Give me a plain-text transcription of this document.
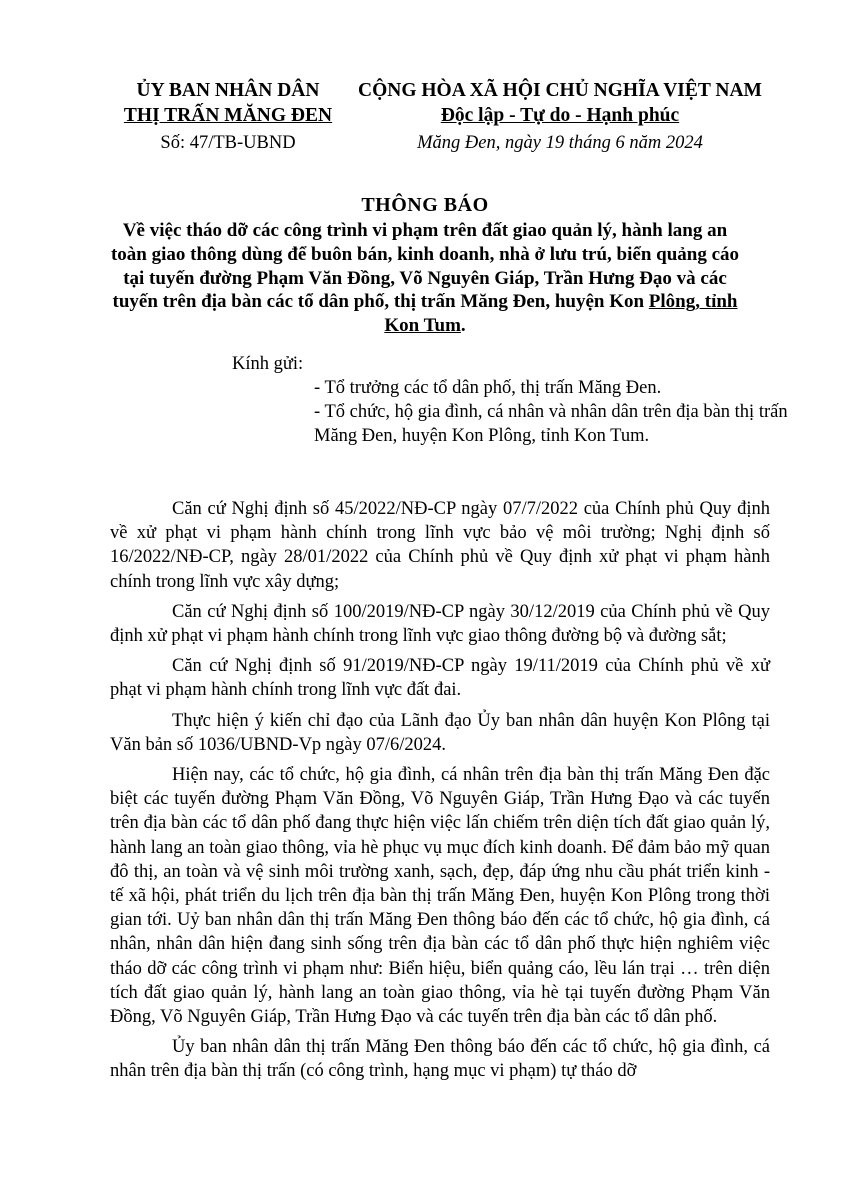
ỦY BAN NHÂN DÂN
THỊ TRẤN MĂNG ĐEN
Số: 47/TB-UBND
CỘNG HÒA XÃ HỘI CHỦ NGHĨA VIỆT NAM
Độc lập - Tự do - Hạnh phúc
Măng Đen, ngày 19 tháng 6 năm 2024
THÔNG BÁO
Về việc tháo dỡ các công trình vi phạm trên đất giao quản lý, hành lang an toàn giao thông dùng để buôn bán, kinh doanh, nhà ở lưu trú, biển quảng cáo tại tuyến đường Phạm Văn Đồng, Võ Nguyên Giáp, Trần Hưng Đạo và các tuyến trên địa bàn các tổ dân phố, thị trấn Măng Đen, huyện Kon Plông, tỉnh Kon Tum.
Kính gửi:
- Tổ trưởng các tổ dân phố, thị trấn Măng Đen.
- Tổ chức, hộ gia đình, cá nhân và nhân dân trên địa bàn thị trấn Măng Đen, huyện Kon Plông, tỉnh Kon Tum.

Căn cứ Nghị định số 45/2022/NĐ-CP ngày 07/7/2022 của Chính phủ Quy định về xử phạt vi phạm hành chính trong lĩnh vực bảo vệ môi trường; Nghị định số 16/2022/NĐ-CP, ngày 28/01/2022 của Chính phủ về Quy định xử phạt vi phạm hành chính trong lĩnh vực xây dựng;

Căn cứ Nghị định số 100/2019/NĐ-CP ngày 30/12/2019 của Chính phủ về Quy định xử phạt vi phạm hành chính trong lĩnh vực giao thông đường bộ và đường sắt;

Căn cứ Nghị định số 91/2019/NĐ-CP ngày 19/11/2019 của Chính phủ về xử phạt vi phạm hành chính trong lĩnh vực đất đai.

Thực hiện ý kiến chỉ đạo của Lãnh đạo Ủy ban nhân dân huyện Kon Plông tại Văn bản số 1036/UBND-Vp ngày 07/6/2024.

Hiện nay, các tổ chức, hộ gia đình, cá nhân trên địa bàn thị trấn Măng Đen đặc biệt các tuyến đường Phạm Văn Đồng, Võ Nguyên Giáp, Trần Hưng Đạo và các tuyến trên địa bàn các tổ dân phố đang thực hiện việc lấn chiếm trên diện tích đất giao quản lý, hành lang an toàn giao thông, vỉa hè phục vụ mục đích kinh doanh. Để đảm bảo mỹ quan đô thị, an toàn và vệ sinh môi trường xanh, sạch, đẹp, đáp ứng nhu cầu phát triển kinh - tế xã hội, phát triển du lịch trên địa bàn thị trấn Măng Đen, huyện Kon Plông trong thời gian tới. Uỷ ban nhân dân thị trấn Măng Đen thông báo đến các tổ chức, hộ gia đình, cá nhân, nhân dân hiện đang sinh sống trên địa bàn các tổ dân phố thực hiện nghiêm việc tháo dỡ các công trình vi phạm như: Biển hiệu, biển quảng cáo, lều lán trại … trên diện tích đất giao quản lý, hành lang an toàn giao thông, vỉa hè tại tuyến đường Phạm Văn Đồng, Võ Nguyên Giáp, Trần Hưng Đạo và các tuyến trên địa bàn các tổ dân phố.

Ủy ban nhân dân thị trấn Măng Đen thông báo đến các tổ chức, hộ gia đình, cá nhân trên địa bàn thị trấn (có công trình, hạng mục vi phạm) tự tháo dỡ
